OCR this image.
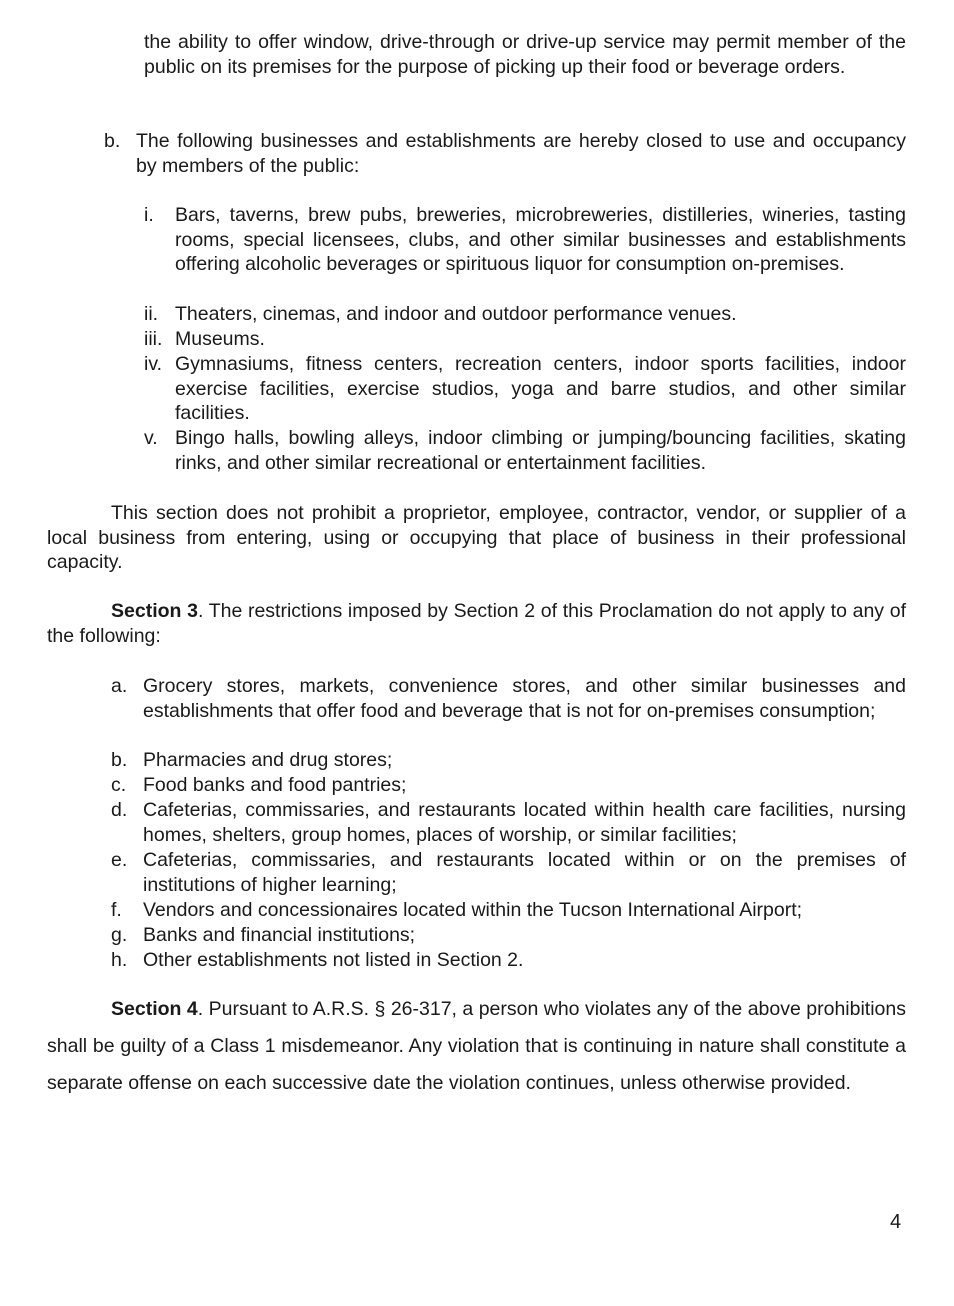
the ability to offer window, drive-through or drive-up service may permit member of the public on its premises for the purpose of picking up their food or beverage orders.
b. The following businesses and establishments are hereby closed to use and occupancy by members of the public:
i. Bars, taverns, brew pubs, breweries, microbreweries, distilleries, wineries, tasting rooms, special licensees, clubs, and other similar businesses and establishments offering alcoholic beverages or spirituous liquor for consumption on-premises.
ii. Theaters, cinemas, and indoor and outdoor performance venues.
iii. Museums.
iv. Gymnasiums, fitness centers, recreation centers, indoor sports facilities, indoor exercise facilities, exercise studios, yoga and barre studios, and other similar facilities.
v. Bingo halls, bowling alleys, indoor climbing or jumping/bouncing facilities, skating rinks, and other similar recreational or entertainment facilities.
This section does not prohibit a proprietor, employee, contractor, vendor, or supplier of a local business from entering, using or occupying that place of business in their professional capacity.
Section 3. The restrictions imposed by Section 2 of this Proclamation do not apply to any of the following:
a. Grocery stores, markets, convenience stores, and other similar businesses and establishments that offer food and beverage that is not for on-premises consumption;
b. Pharmacies and drug stores;
c. Food banks and food pantries;
d. Cafeterias, commissaries, and restaurants located within health care facilities, nursing homes, shelters, group homes, places of worship, or similar facilities;
e. Cafeterias, commissaries, and restaurants located within or on the premises of institutions of higher learning;
f. Vendors and concessionaires located within the Tucson International Airport;
g. Banks and financial institutions;
h. Other establishments not listed in Section 2.
Section 4. Pursuant to A.R.S. § 26-317, a person who violates any of the above prohibitions shall be guilty of a Class 1 misdemeanor. Any violation that is continuing in nature shall constitute a separate offense on each successive date the violation continues, unless otherwise provided.
4
